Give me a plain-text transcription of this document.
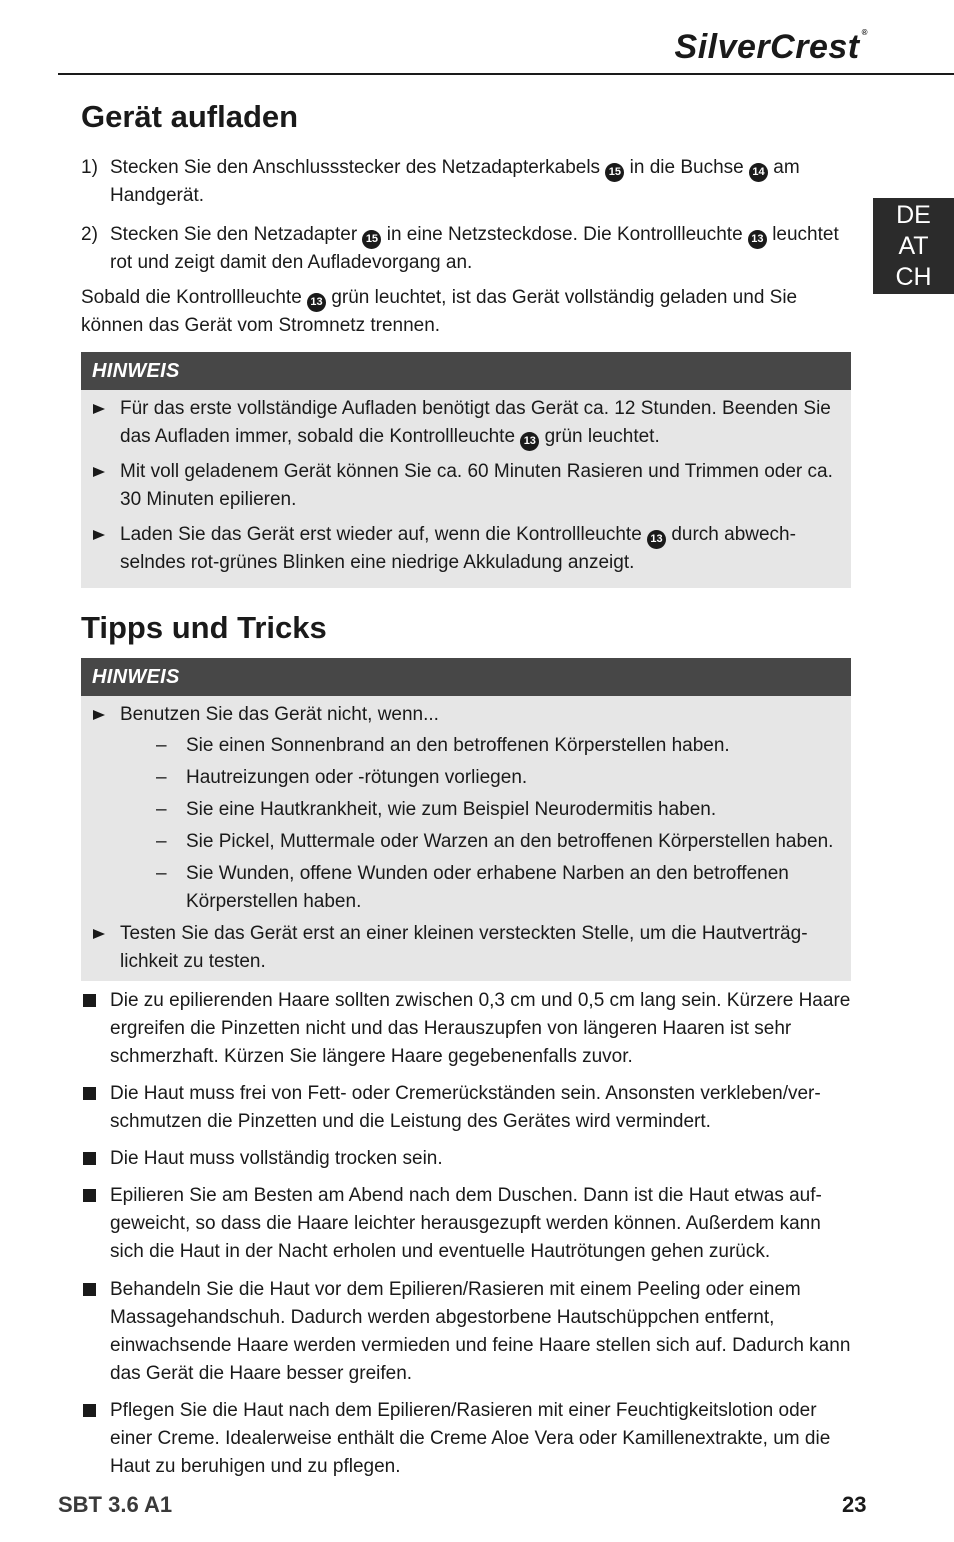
SilverCrest ®
DE
AT
CH
Gerät aufladen
1) Stecken Sie den Anschlussstecker des Netzadapterkabels 15 in die Buchse 14 am Handgerät.
2) Stecken Sie den Netzadapter 15 in eine Netzsteckdose. Die Kontrollleuchte 13 leuchtet rot und zeigt damit den Aufladevorgang an.

Sobald die Kontrollleuchte 13 grün leuchtet, ist das Gerät vollständig geladen und Sie können das Gerät vom Stromnetz trennen.

HINWEIS
Für das erste vollständige Aufladen benötigt das Gerät ca. 12 Stunden. Beenden Sie das Aufladen immer, sobald die Kontrollleuchte 13 grün leuchtet.
Mit voll geladenem Gerät können Sie ca. 60 Minuten Rasieren und Trimmen oder ca. 30 Minuten epilieren.
Laden Sie das Gerät erst wieder auf, wenn die Kontrollleuchte 13 durch abwechselndes rot-grünes Blinken eine niedrige Akkuladung anzeigt.
Tipps und Tricks
HINWEIS
Benutzen Sie das Gerät nicht, wenn...
– Sie einen Sonnenbrand an den betroffenen Körperstellen haben.
– Hautreizungen oder -rötungen vorliegen.
– Sie eine Hautkrankheit, wie zum Beispiel Neurodermitis haben.
– Sie Pickel, Muttermale oder Warzen an den betroffenen Körperstellen haben.
– Sie Wunden, offene Wunden oder erhabene Narben an den betroffenen Körperstellen haben.
Testen Sie das Gerät erst an einer kleinen versteckten Stelle, um die Hautverträglichkeit zu testen.
Die zu epilierenden Haare sollten zwischen 0,3 cm und 0,5 cm lang sein. Kürzere Haare ergreifen die Pinzetten nicht und das Herauszupfen von längeren Haaren ist sehr schmerzhaft. Kürzen Sie längere Haare gegebenenfalls zuvor.
Die Haut muss frei von Fett- oder Cremerückständen sein. Ansonsten verkleben/verschmutzen die Pinzetten und die Leistung des Gerätes wird vermindert.
Die Haut muss vollständig trocken sein.
Epilieren Sie am Besten am Abend nach dem Duschen. Dann ist die Haut etwas aufgeweicht, so dass die Haare leichter herausgezupft werden können. Außerdem kann sich die Haut in der Nacht erholen und eventuelle Hautrötungen gehen zurück.
Behandeln Sie die Haut vor dem Epilieren/Rasieren mit einem Peeling oder einem Massagehandschuh. Dadurch werden abgestorbene Hautschüppchen entfernt, einwachsende Haare werden vermieden und feine Haare stellen sich auf. Dadurch kann das Gerät die Haare besser greifen.
Pflegen Sie die Haut nach dem Epilieren/Rasieren mit einer Feuchtigkeitslotion oder einer Creme. Idealerweise enthält die Creme Aloe Vera oder Kamillenextrakte, um die Haut zu beruhigen und zu pflegen.
SBT 3.6 A1	23
